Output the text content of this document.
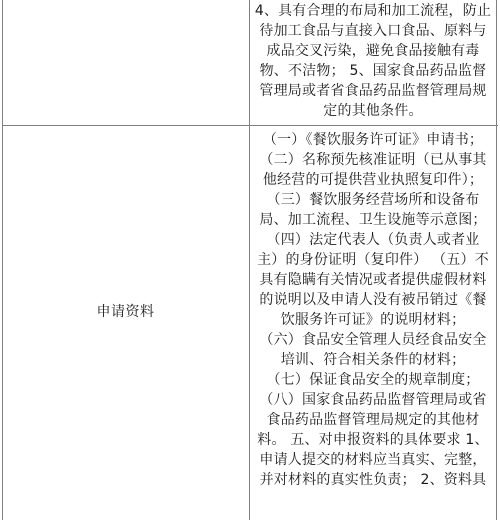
4、具有合理的布局和加工流程，防止
待加工食品与直接入口食品、原料与
成品交叉污染，避免食品接触有毒
物、不洁物； 5、国家食品药品监督
管理局或者省食品药品监督管理局规
定的其他条件。
申请资料
（一）《餐饮服务许可证》申请书；
（二）名称预先核准证明（已从事其
他经营的可提供营业执照复印件）；
（三）餐饮服务经营场所和设备布
局、加工流程、卫生设施等示意图；
（四）法定代表人（负责人或者业
主）的身份证明（复印件） （五）不
具有隐瞒有关情况或者提供虚假材料
的说明以及申请人没有被吊销过《餐
饮服务许可证》的说明材料；
（六）食品安全管理人员经食品安全
培训、符合相关条件的材料；
（七）保证食品安全的规章制度；
（八）国家食品药品监督管理局或省
食品药品监督管理局规定的其他材
料。 五、对申报资料的具体要求 1、
申请人提交的材料应当真实、完整，
并对材料的真实性负责； 2、资料具
